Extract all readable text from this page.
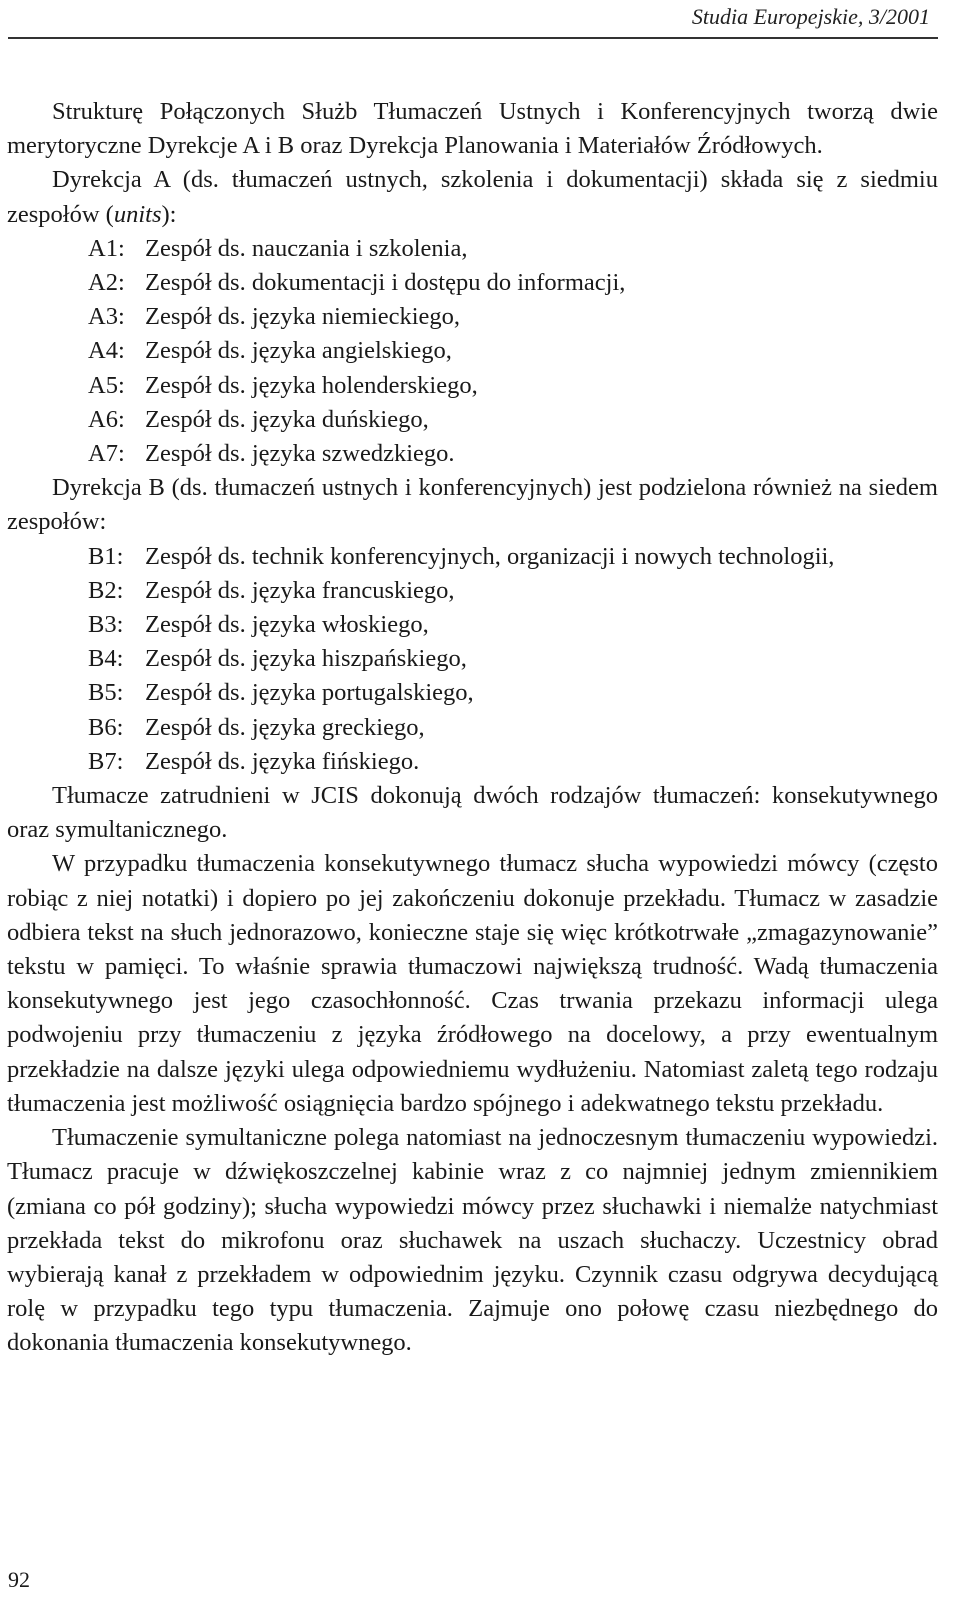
Studia Europejskie, 3/2001

Strukturę Połączonych Służb Tłumaczeń Ustnych i Konferencyjnych tworzą dwie merytoryczne Dyrekcje A i B oraz Dyrekcja Planowania i Materiałów Źródłowych.

Dyrekcja A (ds. tłumaczeń ustnych, szkolenia i dokumentacji) składa się z siedmiu zespołów (units):

A1: Zespół ds. nauczania i szkolenia,
A2: Zespół ds. dokumentacji i dostępu do informacji,
A3: Zespół ds. języka niemieckiego,
A4: Zespół ds. języka angielskiego,
A5: Zespół ds. języka holenderskiego,
A6: Zespół ds. języka duńskiego,
A7: Zespół ds. języka szwedzkiego.

Dyrekcja B (ds. tłumaczeń ustnych i konferencyjnych) jest podzielona również na siedem zespołów:

B1: Zespół ds. technik konferencyjnych, organizacji i nowych technologii,
B2: Zespół ds. języka francuskiego,
B3: Zespół ds. języka włoskiego,
B4: Zespół ds. języka hiszpańskiego,
B5: Zespół ds. języka portugalskiego,
B6: Zespół ds. języka greckiego,
B7: Zespół ds. języka fińskiego.

Tłumacze zatrudnieni w JCIS dokonują dwóch rodzajów tłumaczeń: konsekutywnego oraz symultanicznego.

W przypadku tłumaczenia konsekutywnego tłumacz słucha wypowiedzi mówcy (często robiąc z niej notatki) i dopiero po jej zakończeniu dokonuje przekładu. Tłumacz w zasadzie odbiera tekst na słuch jednorazowo, konieczne staje się więc krótkotrwałe „zmagazynowanie” tekstu w pamięci. To właśnie sprawia tłumaczowi największą trudność. Wadą tłumaczenia konsekutywnego jest jego czasochłonność. Czas trwania przekazu informacji ulega podwojeniu przy tłumaczeniu z języka źródłowego na docelowy, a przy ewentualnym przekładzie na dalsze języki ulega odpowiedniemu wydłużeniu. Natomiast zaletą tego rodzaju tłumaczenia jest możliwość osiągnięcia bardzo spójnego i adekwatnego tekstu przekładu.

Tłumaczenie symultaniczne polega natomiast na jednoczesnym tłumaczeniu wypowiedzi. Tłumacz pracuje w dźwiękoszczelnej kabinie wraz z co najmniej jednym zmiennikiem (zmiana co pół godziny); słucha wypowiedzi mówcy przez słuchawki i niemalże natychmiast przekłada tekst do mikrofonu oraz słuchawek na uszach słuchaczy. Uczestnicy obrad wybierają kanał z przekładem w odpowiednim języku. Czynnik czasu odgrywa decydującą rolę w przypadku tego typu tłumaczenia. Zajmuje ono połowę czasu niezbędnego do dokonania tłumaczenia konsekutywnego.

92
